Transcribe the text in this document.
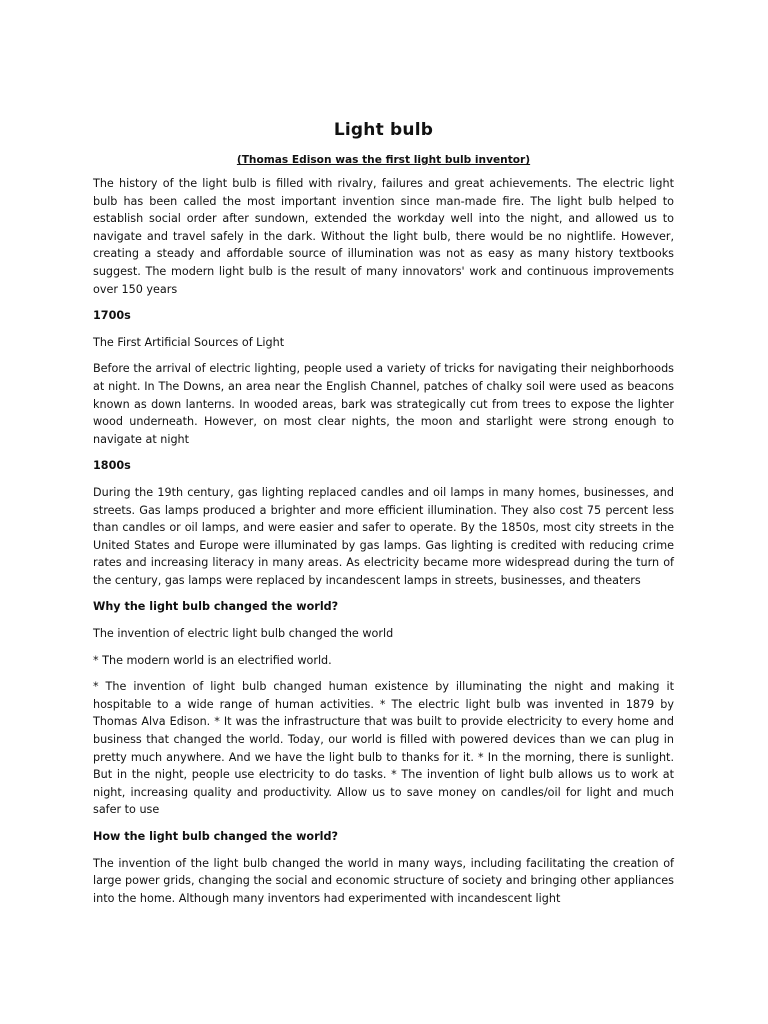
Light bulb
(Thomas Edison was the first light bulb inventor)

The history of the light bulb is filled with rivalry, failures and great achievements. The electric light bulb has been called the most important invention since man-made fire. The light bulb helped to establish social order after sundown, extended the workday well into the night, and allowed us to navigate and travel safely in the dark. Without the light bulb, there would be no nightlife. However, creating a steady and affordable source of illumination was not as easy as many history textbooks suggest. The modern light bulb is the result of many innovators' work and continuous improvements over 150 years

1700s

The First Artificial Sources of Light

Before the arrival of electric lighting, people used a variety of tricks for navigating their neighborhoods at night. In The Downs, an area near the English Channel, patches of chalky soil were used as beacons known as down lanterns. In wooded areas, bark was strategically cut from trees to expose the lighter wood underneath. However, on most clear nights, the moon and starlight were strong enough to navigate at night

1800s

During the 19th century, gas lighting replaced candles and oil lamps in many homes, businesses, and streets. Gas lamps produced a brighter and more efficient illumination. They also cost 75 percent less than candles or oil lamps, and were easier and safer to operate. By the 1850s, most city streets in the United States and Europe were illuminated by gas lamps. Gas lighting is credited with reducing crime rates and increasing literacy in many areas. As electricity became more widespread during the turn of the century, gas lamps were replaced by incandescent lamps in streets, businesses, and theaters

Why the light bulb changed the world?

The invention of electric light bulb changed the world

* The modern world is an electrified world.

* The invention of light bulb changed human existence by illuminating the night and making it hospitable to a wide range of human activities. * The electric light bulb was invented in 1879 by Thomas Alva Edison. * It was the infrastructure that was built to provide electricity to every home and business that changed the world. Today, our world is filled with powered devices than we can plug in pretty much anywhere. And we have the light bulb to thanks for it. * In the morning, there is sunlight. But in the night, people use electricity to do tasks. * The invention of light bulb allows us to work at night, increasing quality and productivity. Allow us to save money on candles/oil for light and much safer to use

How the light bulb changed the world?

The invention of the light bulb changed the world in many ways, including facilitating the creation of large power grids, changing the social and economic structure of society and bringing other appliances into the home. Although many inventors had experimented with incandescent light
